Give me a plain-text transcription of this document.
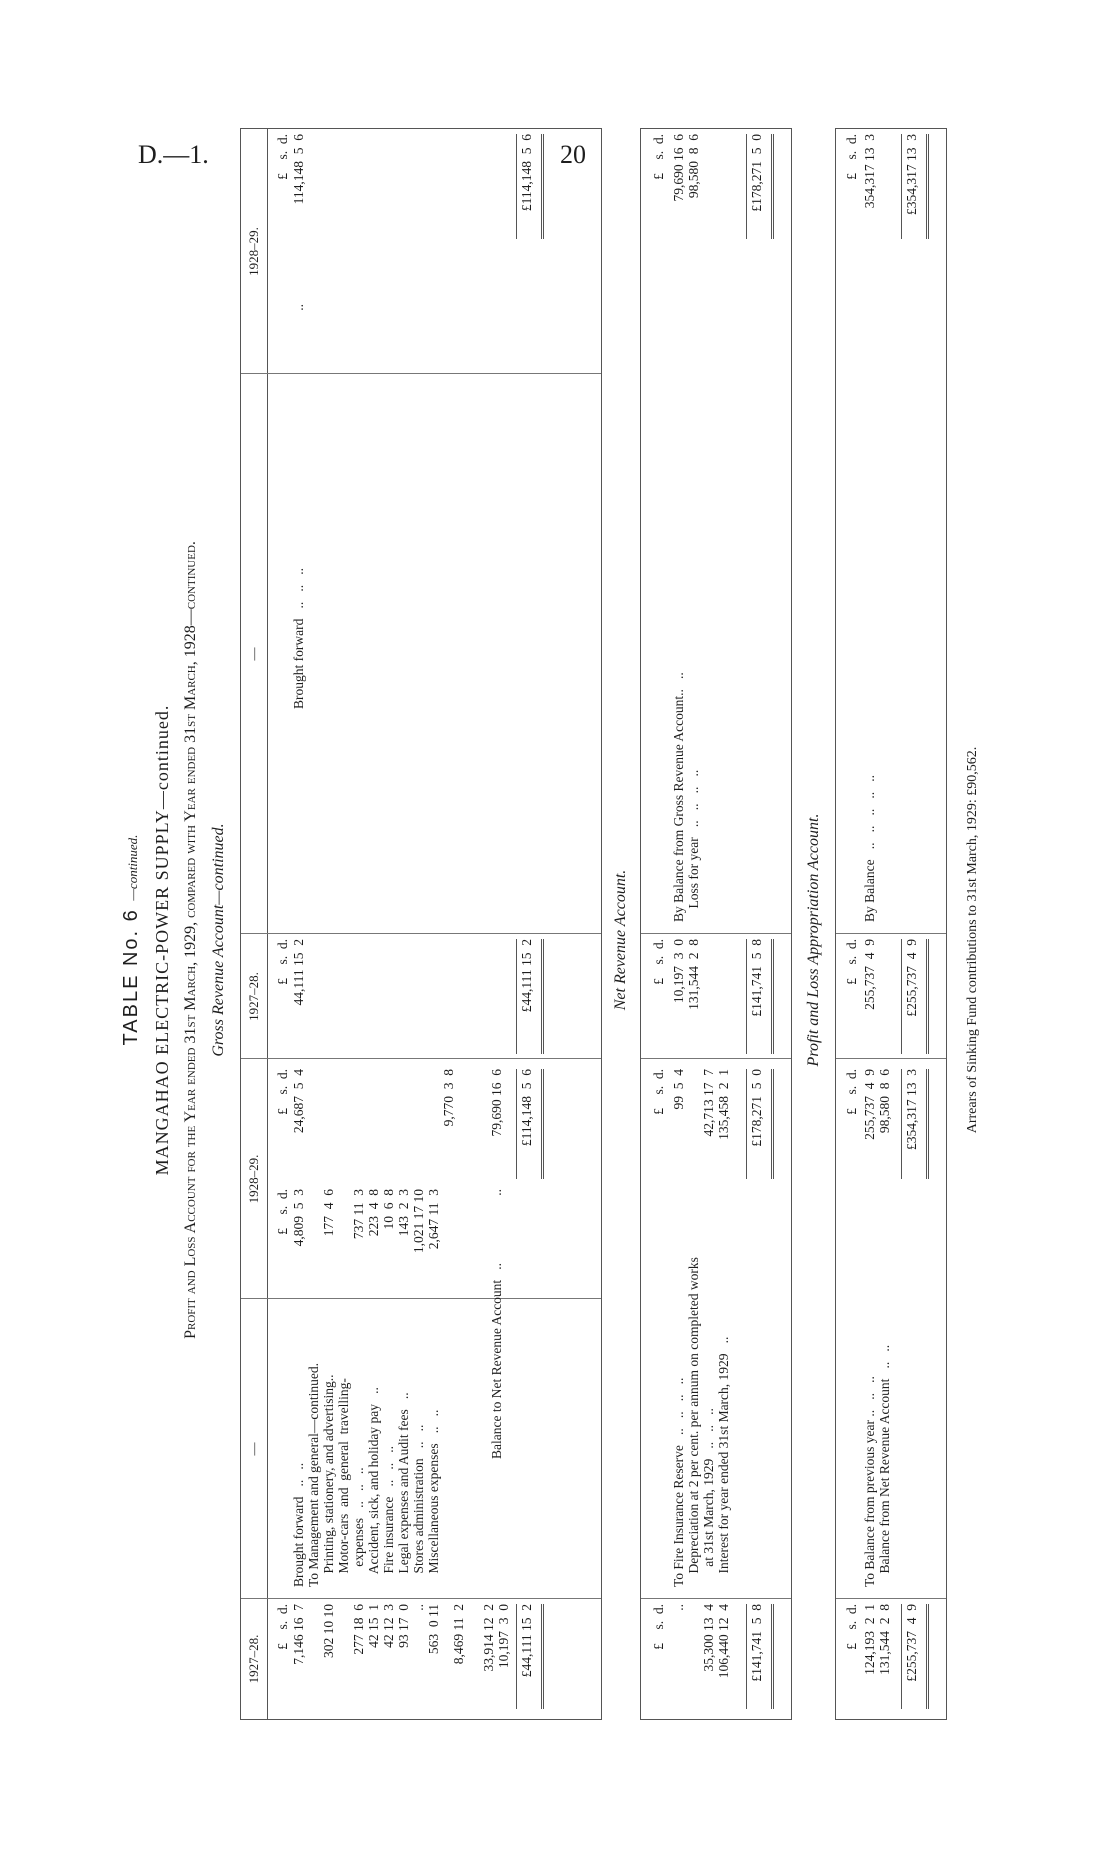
D.—1.	20
TABLE No. 6 —continued. MANGAHAO ELECTRIC-POWER SUPPLY—continued. Profit and Loss Account for the Year ended 31st March, 1929, compared with Year ended 31st March, 1928—continued. Gross Revenue Account—continued.
1927–28.
—
1928–29.
1927–28.
—
1928–29.
£    s.  d.
£    s.  d.
£    s.  d.
£    s.  d.
£    s.  d.
7,146 16  7
Brought forward   ..   ..
4,809  5  3
24,687  5  4
To Management and general—continued.
302 10 10
Printing, stationery, and advertising..
177  4  6
Motor-cars  and  general  travelling-
277 18  6
expenses   ..   ..   ..
737 11  3
42 15  1
Accident, sick, and holiday pay   ..
223  4  8
42 12  3
Fire insurance   ..   ..   ..
10  6  8
93 17  0
Legal expenses and Audit fees   ..
143  2  3
..
Stores administration   ..   ..
1,021 17 10
563  0 11
Miscellaneous expenses   ..   ..
2,647 11  3
8,469 11  2
9,770  3  8
33,914 12  2 10,197  3  0
Balance to Net Revenue Account   ..
..
79,690 16  6
£44,111 15  2
£114,148  5  6
44,111 15  2
Brought forward   ..   ..   ..
..
114,148  5  6
£44,111 15  2
£114,148  5  6
Net Revenue Account.
£    s.  d.
£    s.  d.
£    s.  d.
£    s.  d.
..
To Fire Insurance Reserve   ..   ..   ..   ..
99  5  4
Depreciation at 2 per cent. per annum on completed works
35,300 13  4
at 31st March, 1929   ..   ..   ..
42,713 17  7
106,440 12  4
Interest for year ended 31st March, 1929   ..
135,458  2  1
£141,741  5  8
£178,271  5  0
10,197  3  0
By Balance from Gross Revenue Account..   ..
79,690 16  6
131,544  2  8
Loss for year   ..   ..   ..   ..
98,580  8  6
£141,741  5  8
£178,271  5  0
Profit and Loss Appropriation Account.
£    s.  d.
£    s.  d.
£    s.  d.
£    s.  d.
124,193  2  1
To Balance from previous year ..   ..   ..
255,737  4  9
131,544  2  8
Balance from Net Revenue Account   ..   ..
98,580  8  6
£255,737  4  9
£354,317 13  3
255,737  4  9
By Balance   ..   ..   ..   ..   ..
354,317 13  3
£255,737  4  9
£354,317 13  3
Arrears of Sinking Fund contributions to 31st March, 1929: £90,562.
